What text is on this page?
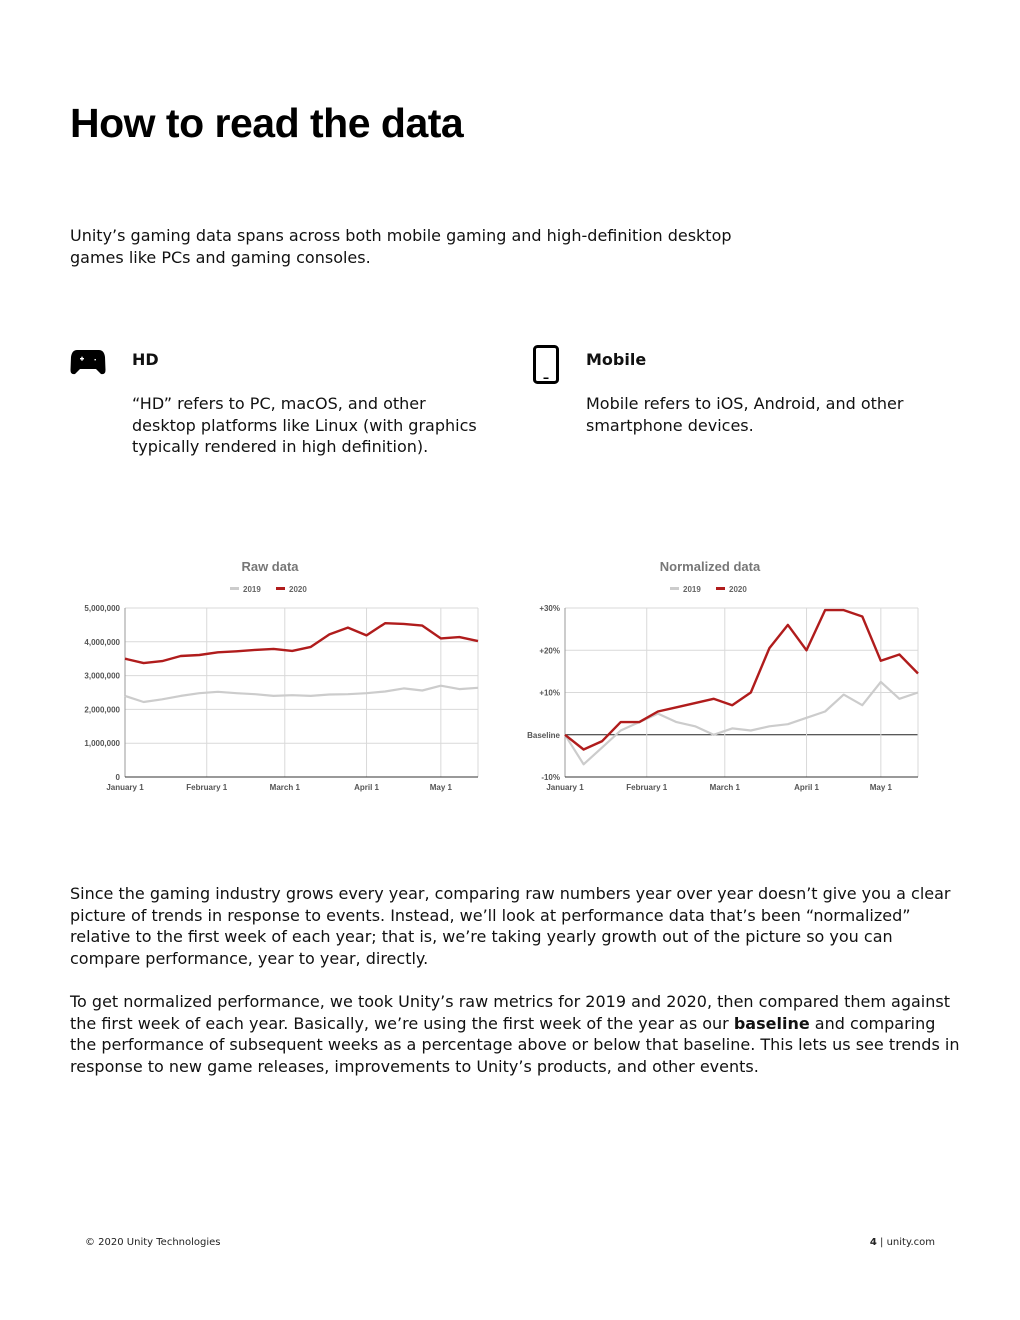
How to read the data

Unity’s gaming data spans across both mobile gaming and high-definition desktop games like PCs and gaming consoles.

HD

“HD” refers to PC, macOS, and other desktop platforms like Linux (with graphics typically rendered in high definition).

Mobile

Mobile refers to iOS, Android, and other smartphone devices.

Raw data
2019	2020
0
1,000,000
2,000,000
3,000,000
4,000,000
5,000,000
January 1	February 1	March 1	April 1	May 1
Normalized data
2019	2020
-10%
Baseline
+10%
+20%
+30%
January 1	February 1	March 1	April 1	May 1

Since the gaming industry grows every year, comparing raw numbers year over year doesn’t give you a clear picture of trends in response to events. Instead, we’ll look at performance data that’s been “normalized” relative to the first week of each year; that is, we’re taking yearly growth out of the picture so you can compare performance, year to year, directly.

To get normalized performance, we took Unity’s raw metrics for 2019 and 2020, then compared them against the first week of each year. Basically, we’re using the first week of the year as our baseline and comparing the performance of subsequent weeks as a percentage above or below that baseline. This lets us see trends in response to new game releases, improvements to Unity’s products, and other events.

© 2020 Unity Technologies	4 | unity.com
